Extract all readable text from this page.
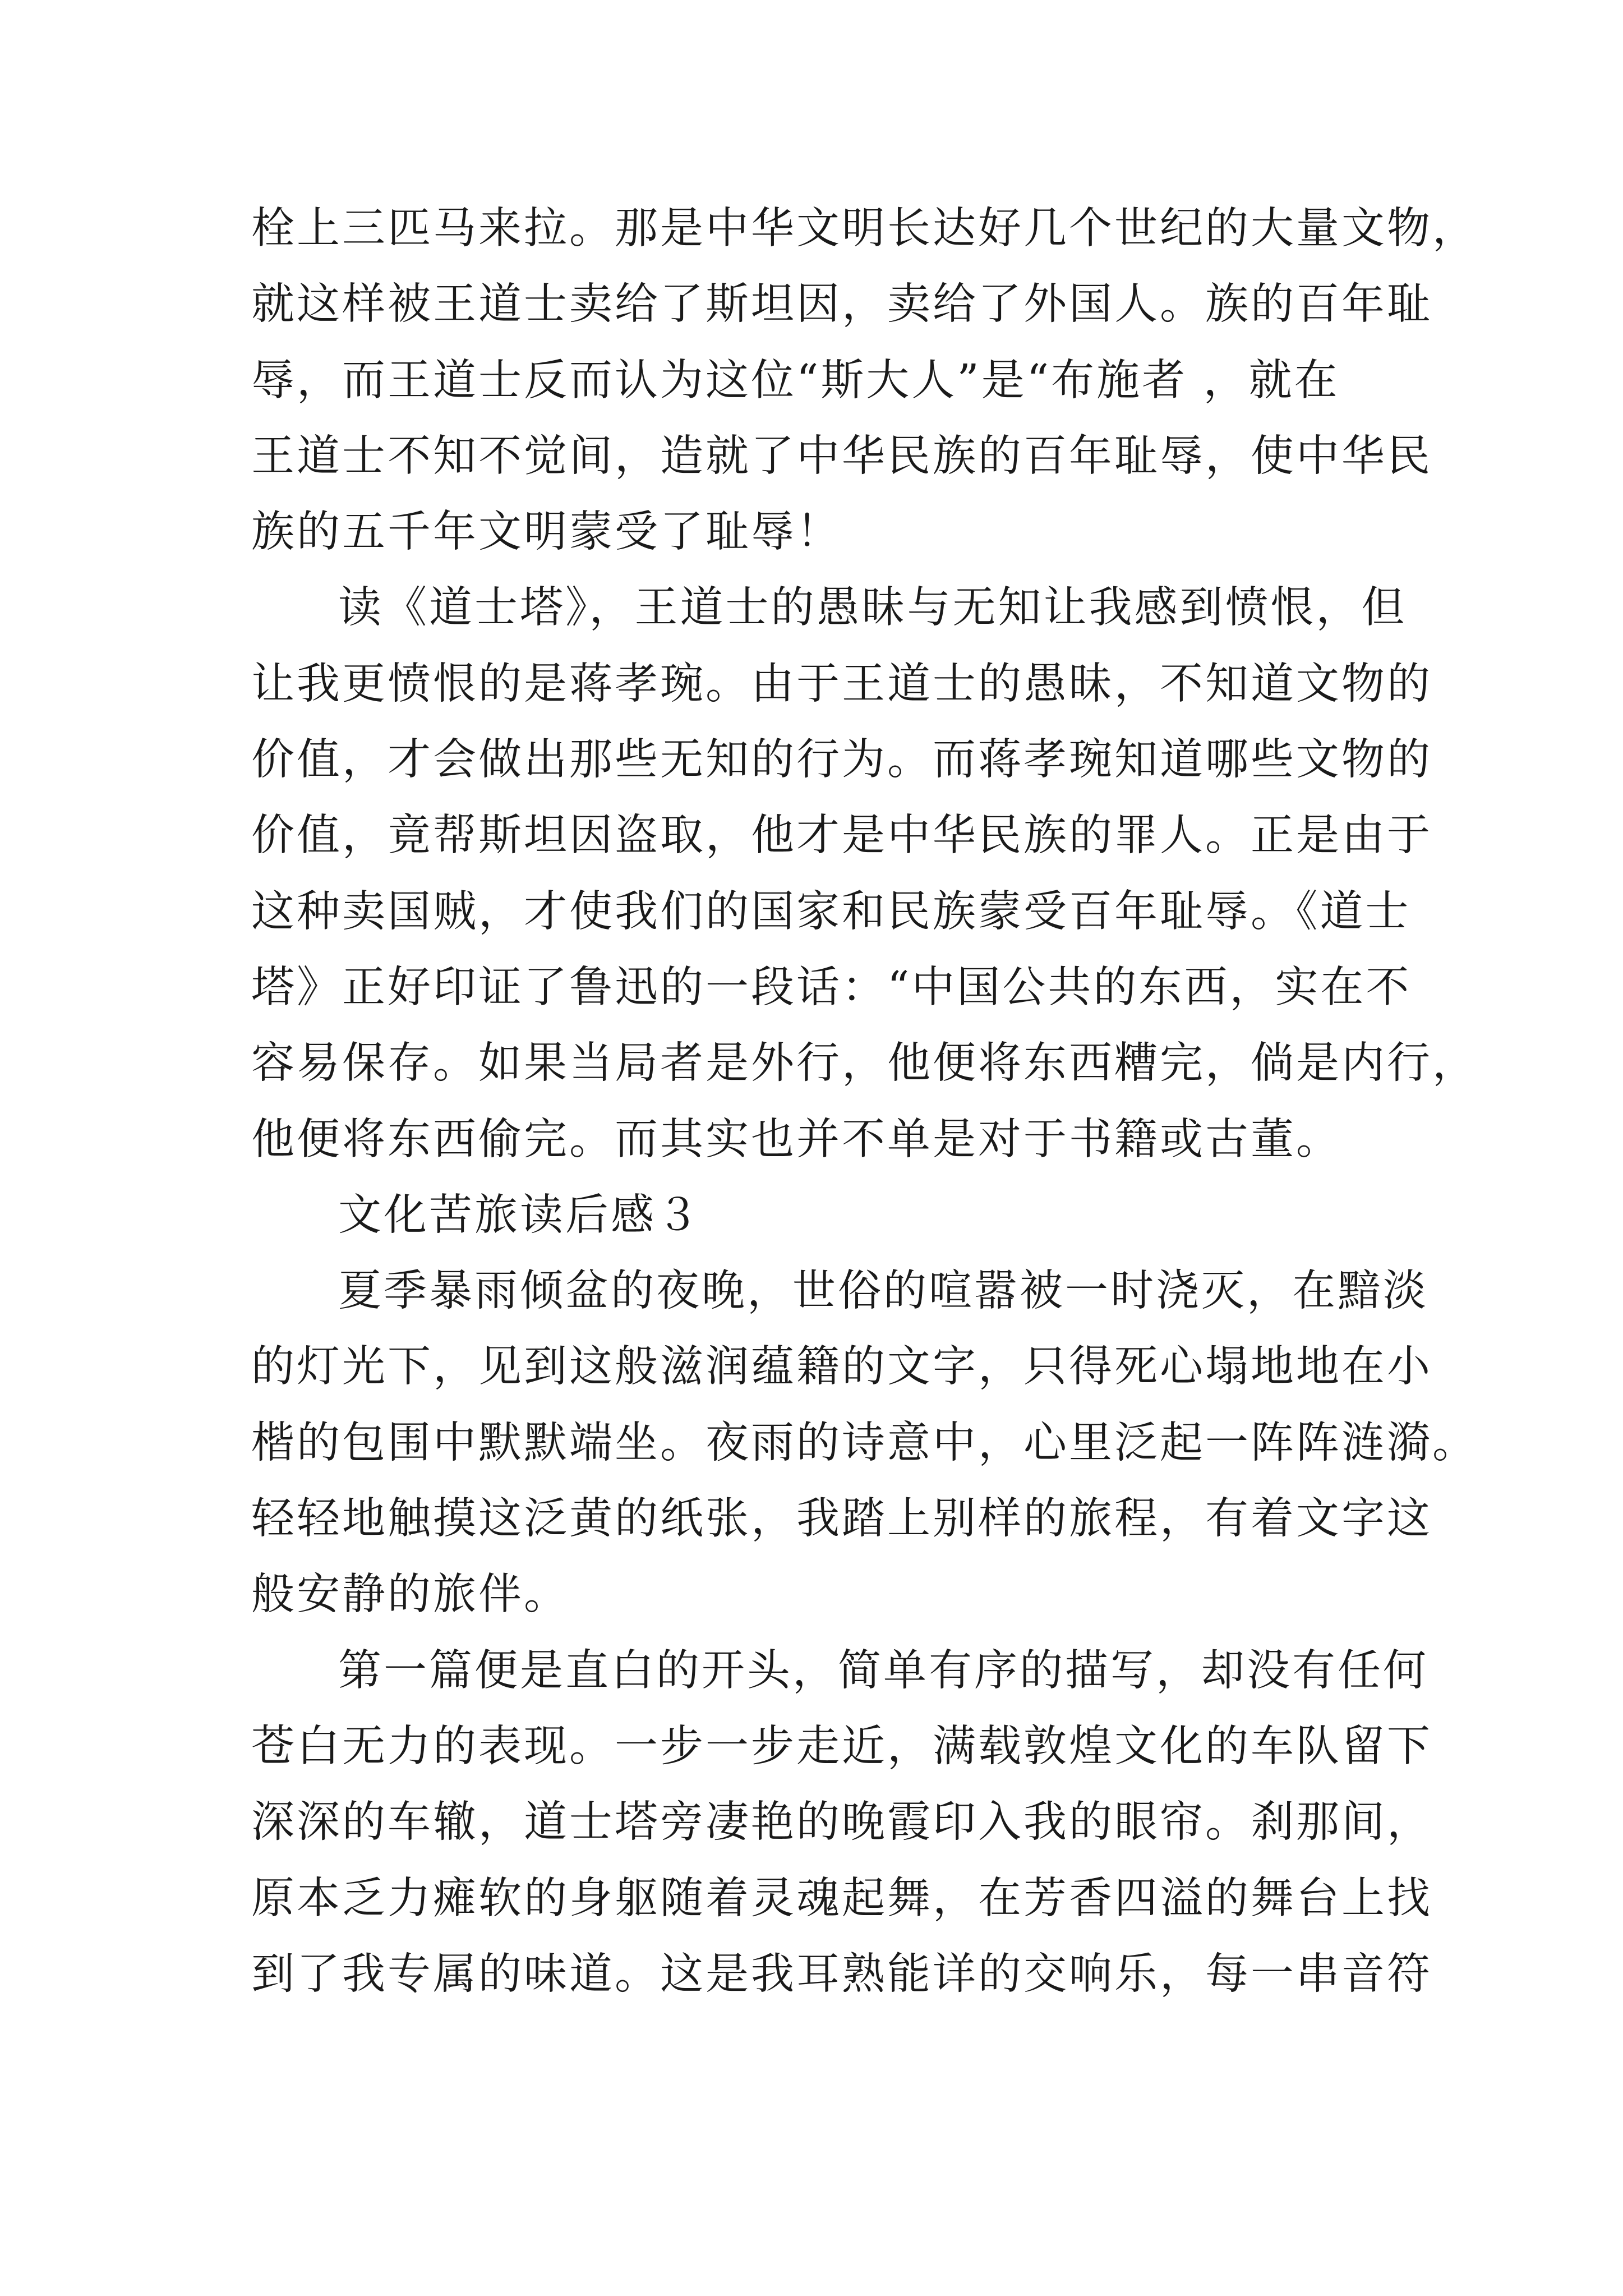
栓上三匹马来拉。那是中华文明长达好几个世纪的大量文物，
就这样被王道士卖给了斯坦因，卖给了外国人。族的百年耻
辱，而王道士反而认为这位“斯大人”是“布施者 ，就在
王道士不知不觉间，造就了中华民族的百年耻辱，使中华民
族的五千年文明蒙受了耻辱！
读《道士塔》，王道士的愚昧与无知让我感到愤恨，但
让我更愤恨的是蒋孝琬。由于王道士的愚昧，不知道文物的
价值，才会做出那些无知的行为。而蒋孝琬知道哪些文物的
价值，竟帮斯坦因盗取，他才是中华民族的罪人。正是由于
这种卖国贼，才使我们的国家和民族蒙受百年耻辱。《道士
塔》正好印证了鲁迅的一段话：“中国公共的东西，实在不
容易保存。如果当局者是外行，他便将东西糟完，倘是内行，
他便将东西偷完。而其实也并不单是对于书籍或古董。
文化苦旅读后感３
夏季暴雨倾盆的夜晚，世俗的喧嚣被一时浇灭，在黯淡
的灯光下，见到这般滋润蕴籍的文字，只得死心塌地地在小
楷的包围中默默端坐。夜雨的诗意中，心里泛起一阵阵涟漪。
轻轻地触摸这泛黄的纸张，我踏上别样的旅程，有着文字这
般安静的旅伴。
第一篇便是直白的开头，简单有序的描写，却没有任何
苍白无力的表现。一步一步走近，满载敦煌文化的车队留下
深深的车辙，道士塔旁凄艳的晚霞印入我的眼帘。刹那间，
原本乏力瘫软的身躯随着灵魂起舞，在芳香四溢的舞台上找
到了我专属的味道。这是我耳熟能详的交响乐，每一串音符
